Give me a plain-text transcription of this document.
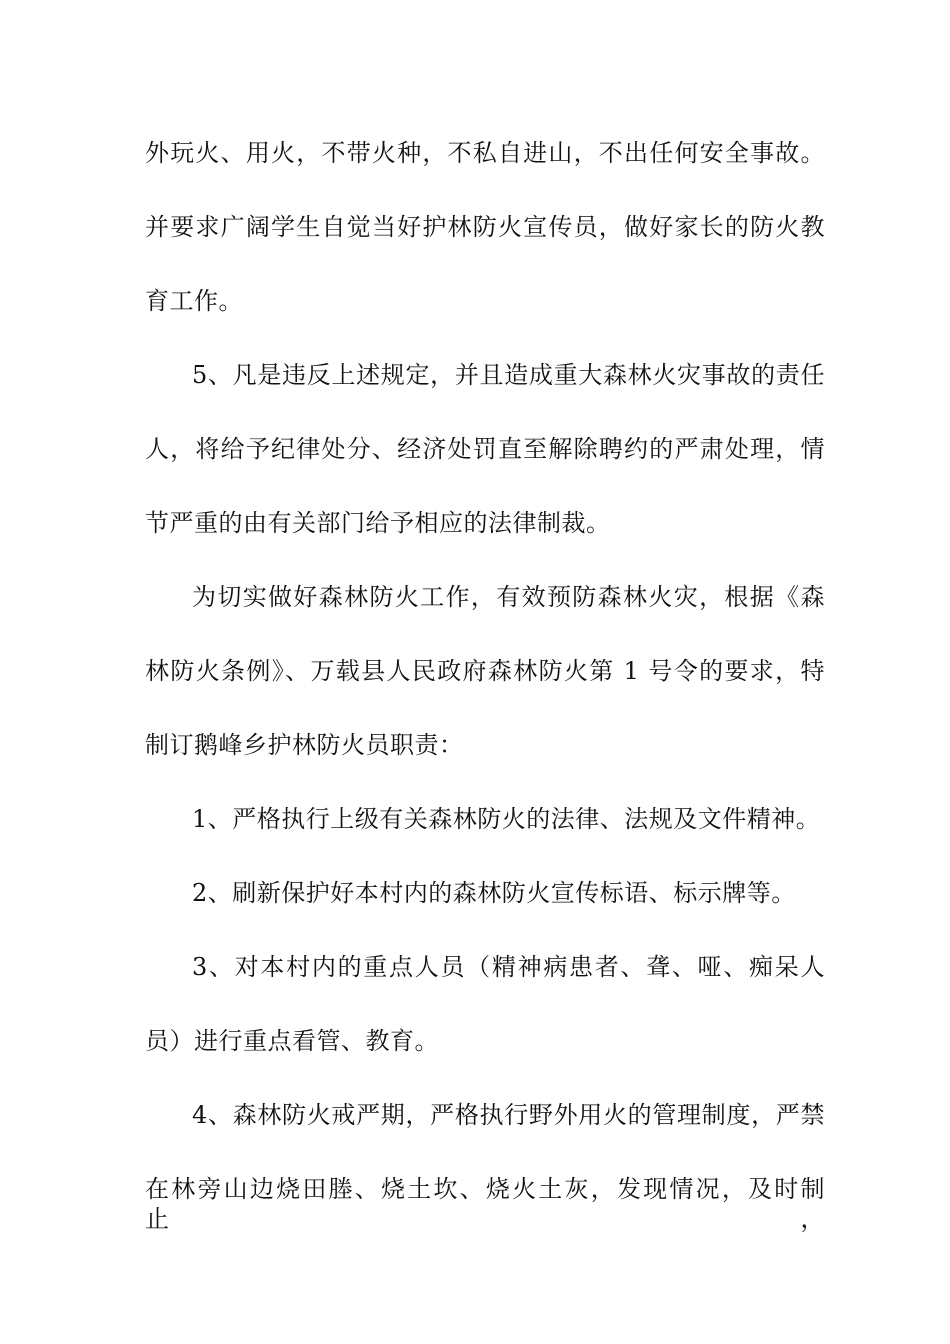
外玩火、用火，不带火种，不私自进山，不出任何安全事故。
并要求广阔学生自觉当好护林防火宣传员，做好家长的防火教
育工作。
5、凡是违反上述规定，并且造成重大森林火灾事故的责任
人，将给予纪律处分、经济处罚直至解除聘约的严肃处理，情
节严重的由有关部门给予相应的法律制裁。
为切实做好森林防火工作，有效预防森林火灾，根据《森
林防火条例》、万载县人民政府森林防火第 1 号令的要求，特
制订鹅峰乡护林防火员职责：
1、严格执行上级有关森林防火的法律、法规及文件精神。
2、刷新保护好本村内的森林防火宣传标语、标示牌等。
3、对本村内的重点人员（精神病患者、聋、哑、痴呆人
员）进行重点看管、教育。
4、森林防火戒严期，严格执行野外用火的管理制度，严禁
在林旁山边烧田塍、烧土坎、烧火土灰，发现情况，及时制止，
